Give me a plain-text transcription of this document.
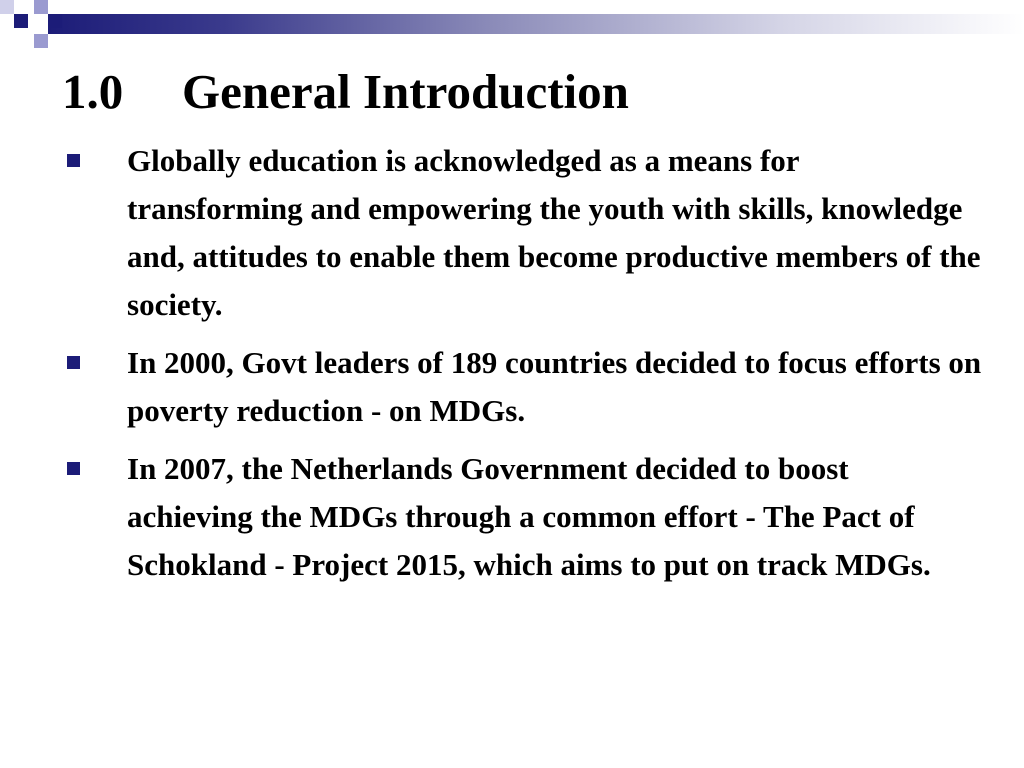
1.0 General Introduction
Globally education is acknowledged as a means for transforming and empowering the youth with skills, knowledge and, attitudes to enable them become productive members of the society.
In 2000, Govt leaders of 189 countries decided to focus efforts on poverty reduction - on MDGs.
In 2007, the Netherlands Government decided to boost achieving the MDGs through a common effort - The Pact of Schokland - Project 2015, which aims to put on track MDGs.
